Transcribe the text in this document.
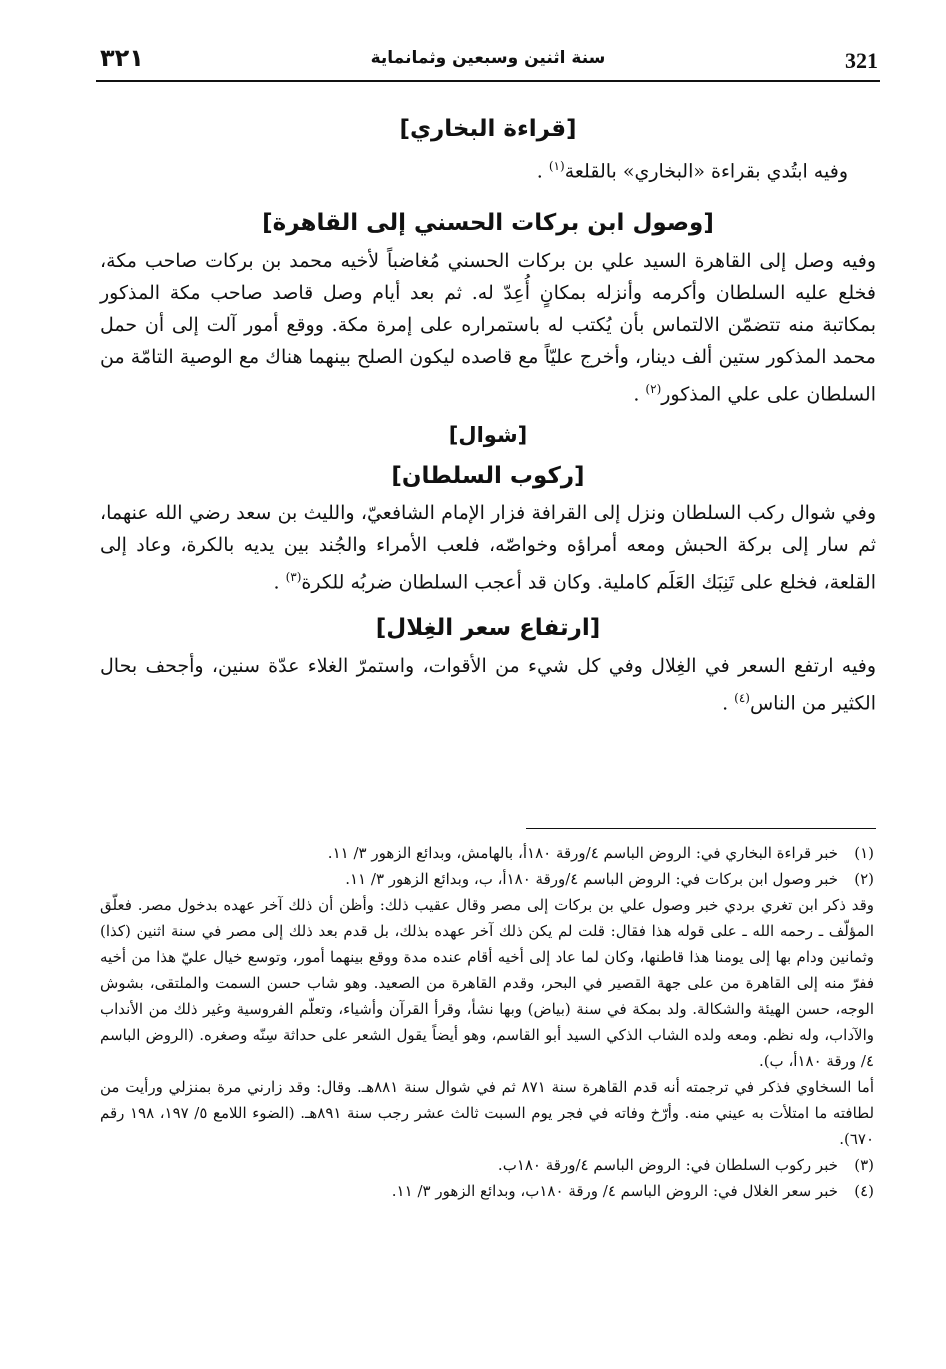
321
سنة اثنين وسبعين وثمانماية
٣٢١
[قراءة البخاري]

وفيه ابتُدي بقراءة «البخاري» بالقلعة$^{(١)}$ .

[وصول ابن بركات الحسني إلى القاهرة]

وفيه وصل إلى القاهرة السيد علي بن بركات الحسني مُغاضباً لأخيه محمد بن بركات صاحب مكة، فخلع عليه السلطان وأكرمه وأنزله بمكانٍ أُعِدّ له. ثم بعد أيام وصل قاصد صاحب مكة المذكور بمكاتبة منه تتضمّن الالتماس بأن يُكتب له باستمراره على إمرة مكة. ووقع أمور آلت إلى أن حمل محمد المذكور ستين ألف دينار، وأخرج عليّاً مع قاصده ليكون الصلح بينهما هناك مع الوصية التامّة من السلطان على علي المذكور$^{(٢)}$ .

[شوال]
[ركوب السلطان]

وفي شوال ركب السلطان ونزل إلى القرافة فزار الإمام الشافعيّ، والليث بن سعد رضي الله عنهما، ثم سار إلى بركة الحبش ومعه أمراؤه وخواصّه، فلعب الأمراء والجُند بين يديه بالكرة، وعاد إلى القلعة، فخلع على تَنِبَك العَلَم كاملية. وكان قد أعجب السلطان ضربُه للكرة$^{(٣)}$ .

[ارتفاع سعر الغِلال]

وفيه ارتفع السعر في الغِلال وفي كل شيء من الأقوات، واستمرّ الغلاء عدّة سنين، وأجحف بحال الكثير من الناس$^{(٤)}$ .

(١)
خبر قراءة البخاري في: الروض الباسم ٤/ورقة ١٨٠أ، بالهامش، وبدائع الزهور ٣/ ١١.
(٢)
خبر وصول ابن بركات في: الروض الباسم ٤/ورقة ١٨٠أ، ب، وبدائع الزهور ٣/ ١١.
وقد ذكر ابن تغري بردي خبر وصول علي بن بركات إلى مصر وقال عقيب ذلك: وأظن أن ذلك آخر عهده بدخول مصر. فعلّق المؤلّف ـ رحمه الله ـ على قوله هذا فقال: قلت لم يكن ذلك آخر عهده بذلك، بل قدم بعد ذلك إلى مصر في سنة اثنين (كذا) وثمانين ودام بها إلى يومنا هذا قاطنها، وكان لما عاد إلى أخيه أقام عنده مدة ووقع بينهما أمور، وتوسع خيال عليّ هذا من أخيه ففرّ منه إلى القاهرة من على جهة القصير في البحر، وقدم القاهرة من الصعيد. وهو شاب حسن السمت والملتقى، بشوش الوجه، حسن الهيئة والشكالة. ولد بمكة في سنة (بياض) وبها نشأ، وقرأ القرآن وأشياء، وتعلّم الفروسية وغير ذلك من الأنداب والآداب، وله نظم. ومعه ولده الشاب الذكي السيد أبو القاسم، وهو أيضاً يقول الشعر على حداثة سِنّه وصغره. (الروض الباسم ٤/ ورقة ١٨٠أ، ب).
أما السخاوي فذكر في ترجمته أنه قدم القاهرة سنة ٨٧١ ثم في شوال سنة ٨٨١هـ. وقال: وقد زارني مرة بمنزلي ورأيت من لطافته ما امتلأت به عيني منه. وأرّخ وفاته في فجر يوم السبت ثالث عشر رجب سنة ٨٩١هـ. (الضوء اللامع ٥/ ١٩٧، ١٩٨ رقم ٦٧٠).
(٣)
خبر ركوب السلطان في: الروض الباسم ٤/ورقة ١٨٠ب.
(٤)
خبر سعر الغلال في: الروض الباسم ٤/ ورقة ١٨٠ب، وبدائع الزهور ٣/ ١١.
